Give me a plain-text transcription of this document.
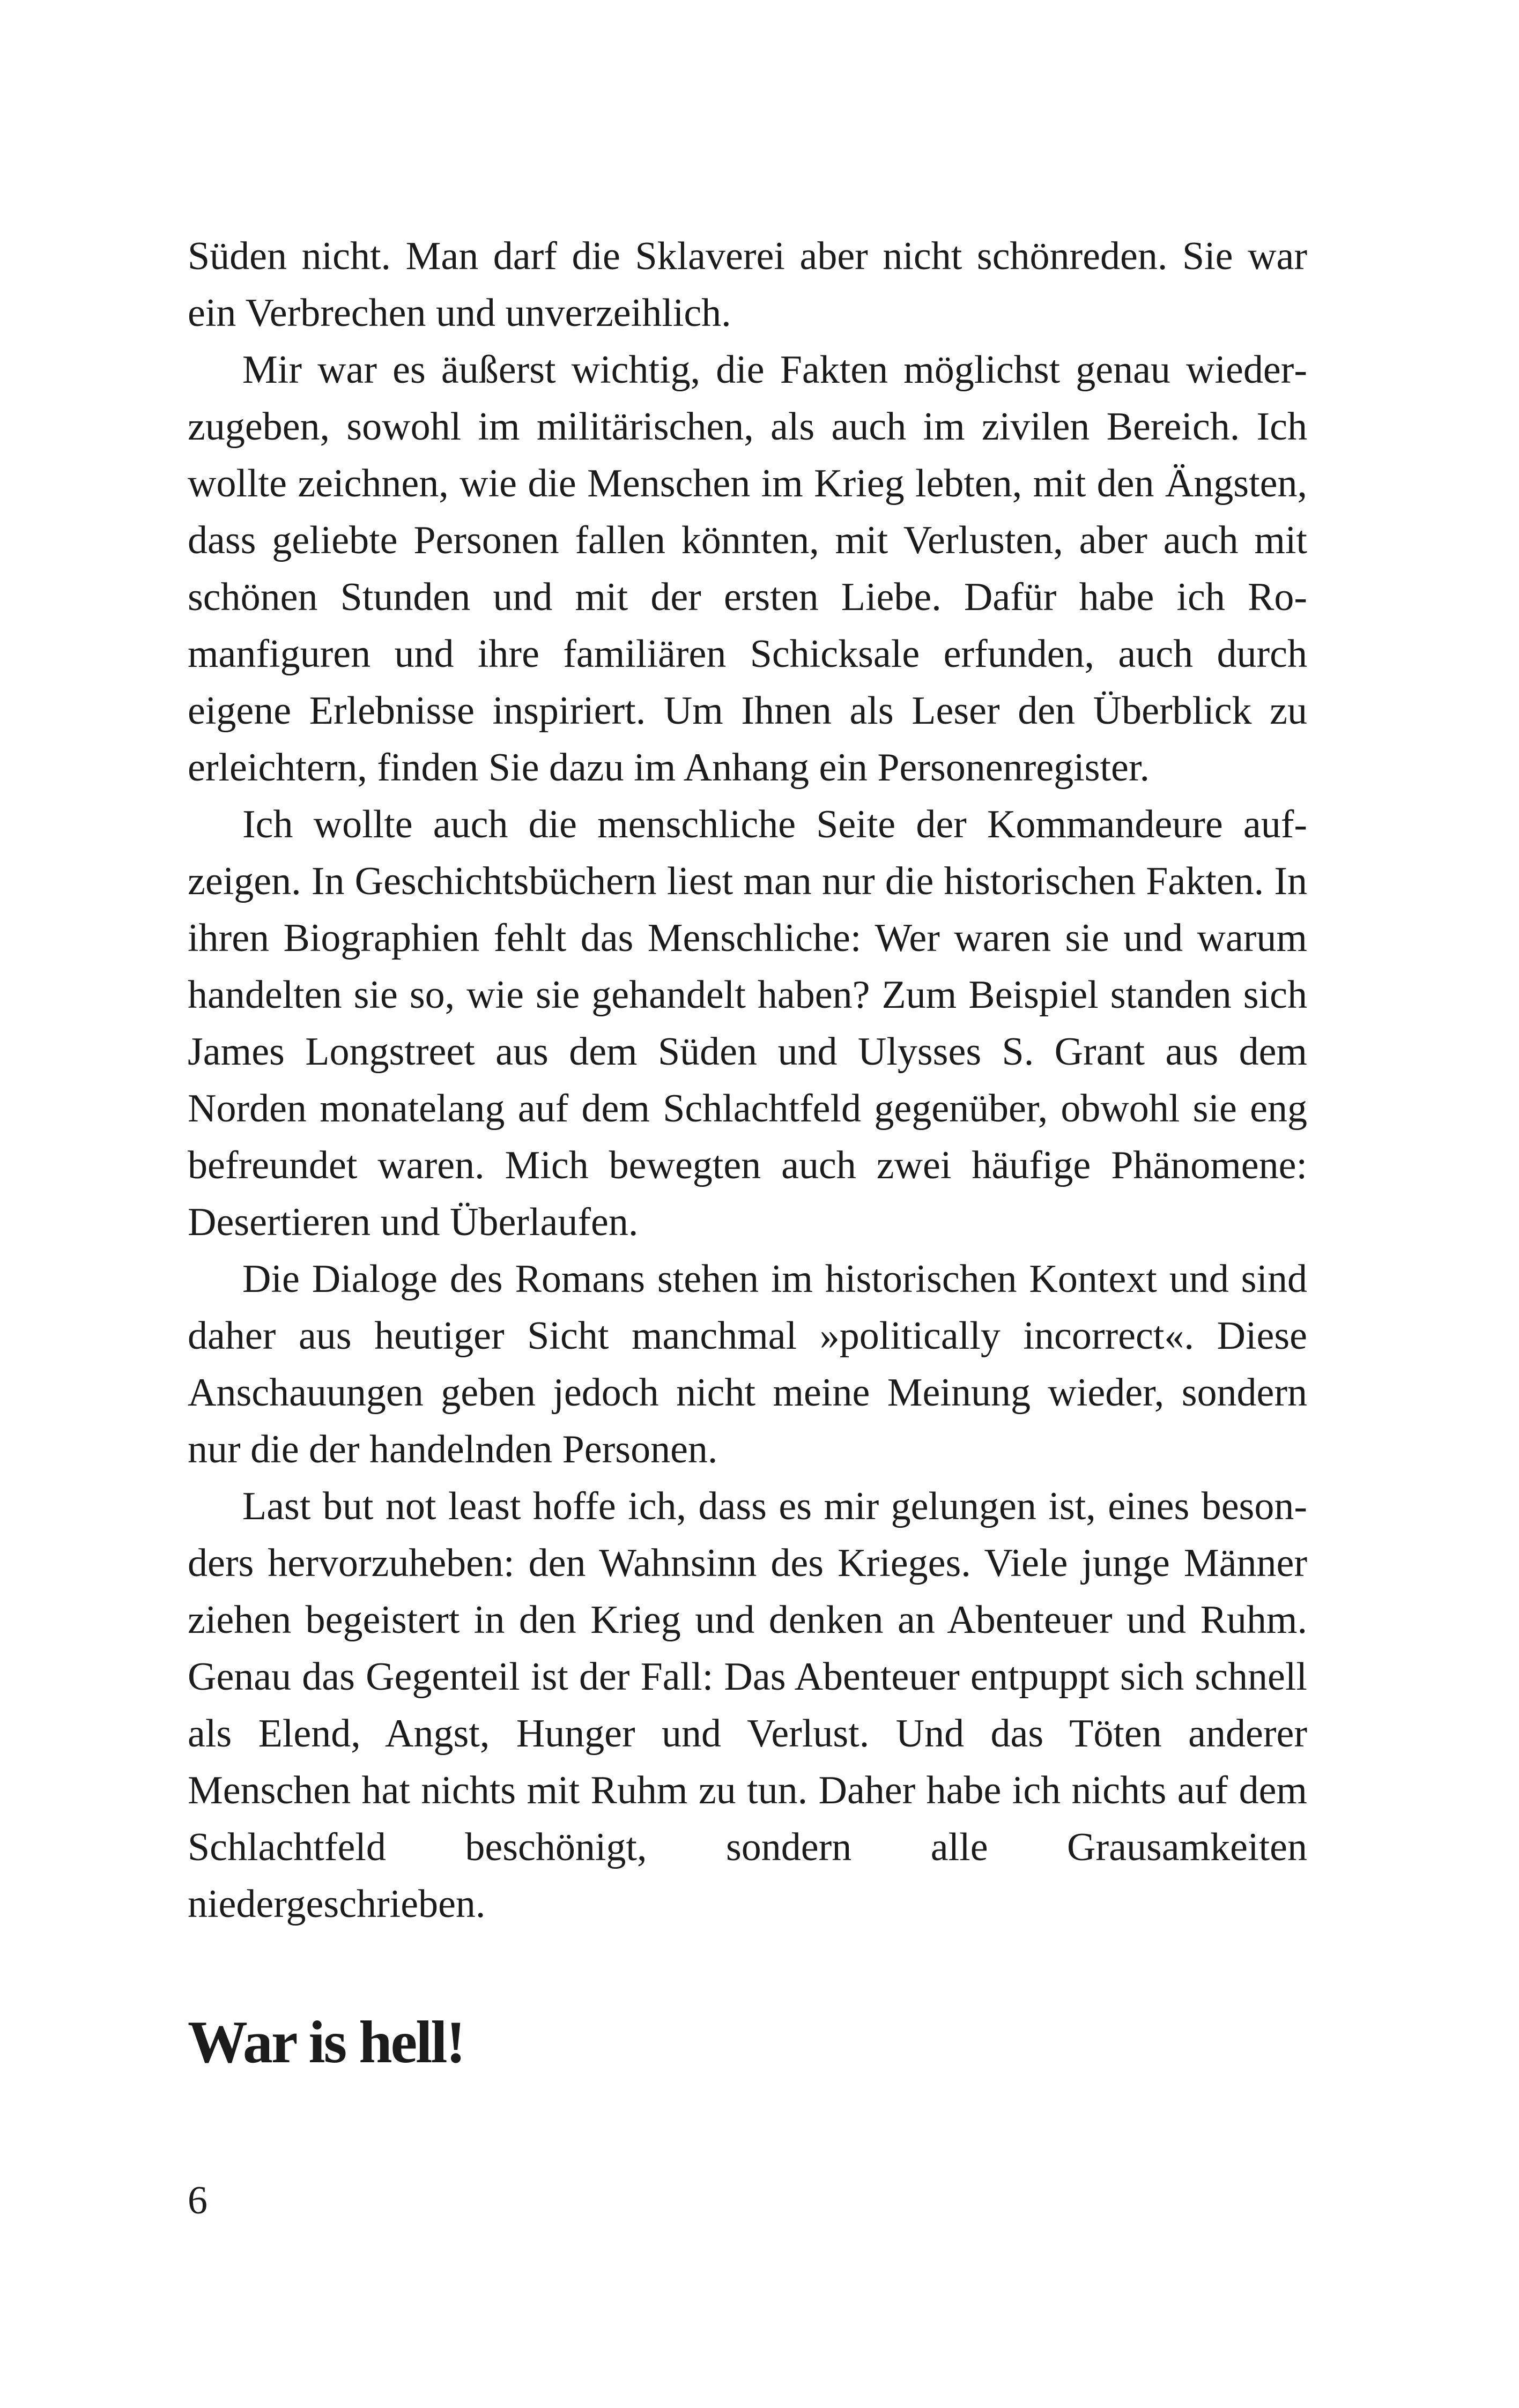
Süden nicht. Man darf die Sklaverei aber nicht schönreden. Sie war ein Verbrechen und unverzeihlich.

Mir war es äußerst wichtig, die Fakten möglichst genau wiederzugeben, sowohl im militärischen, als auch im zivilen Bereich. Ich wollte zeichnen, wie die Menschen im Krieg lebten, mit den Ängsten, dass geliebte Personen fallen könnten, mit Verlusten, aber auch mit schönen Stunden und mit der ersten Liebe. Dafür habe ich Romanfiguren und ihre familiären Schicksale erfunden, auch durch eigene Erlebnisse inspiriert. Um Ihnen als Leser den Überblick zu erleichtern, finden Sie dazu im Anhang ein Personenregister.

Ich wollte auch die menschliche Seite der Kommandeure aufzeigen. In Geschichtsbüchern liest man nur die historischen Fakten. In ihren Biographien fehlt das Menschliche: Wer waren sie und warum handelten sie so, wie sie gehandelt haben? Zum Beispiel standen sich James Longstreet aus dem Süden und Ulysses S. Grant aus dem Norden monatelang auf dem Schlachtfeld gegenüber, obwohl sie eng befreundet waren. Mich bewegten auch zwei häufige Phänomene: Desertieren und Überlaufen.

Die Dialoge des Romans stehen im historischen Kontext und sind daher aus heutiger Sicht manchmal »politically incorrect«. Diese Anschauungen geben jedoch nicht meine Meinung wieder, sondern nur die der handelnden Personen.

Last but not least hoffe ich, dass es mir gelungen ist, eines besonders hervorzuheben: den Wahnsinn des Krieges. Viele junge Männer ziehen begeistert in den Krieg und denken an Abenteuer und Ruhm. Genau das Gegenteil ist der Fall: Das Abenteuer entpuppt sich schnell als Elend, Angst, Hunger und Verlust. Und das Töten anderer Menschen hat nichts mit Ruhm zu tun. Daher habe ich nichts auf dem Schlachtfeld beschönigt, sondern alle Grausamkeiten niedergeschrieben.

War is hell!
6
